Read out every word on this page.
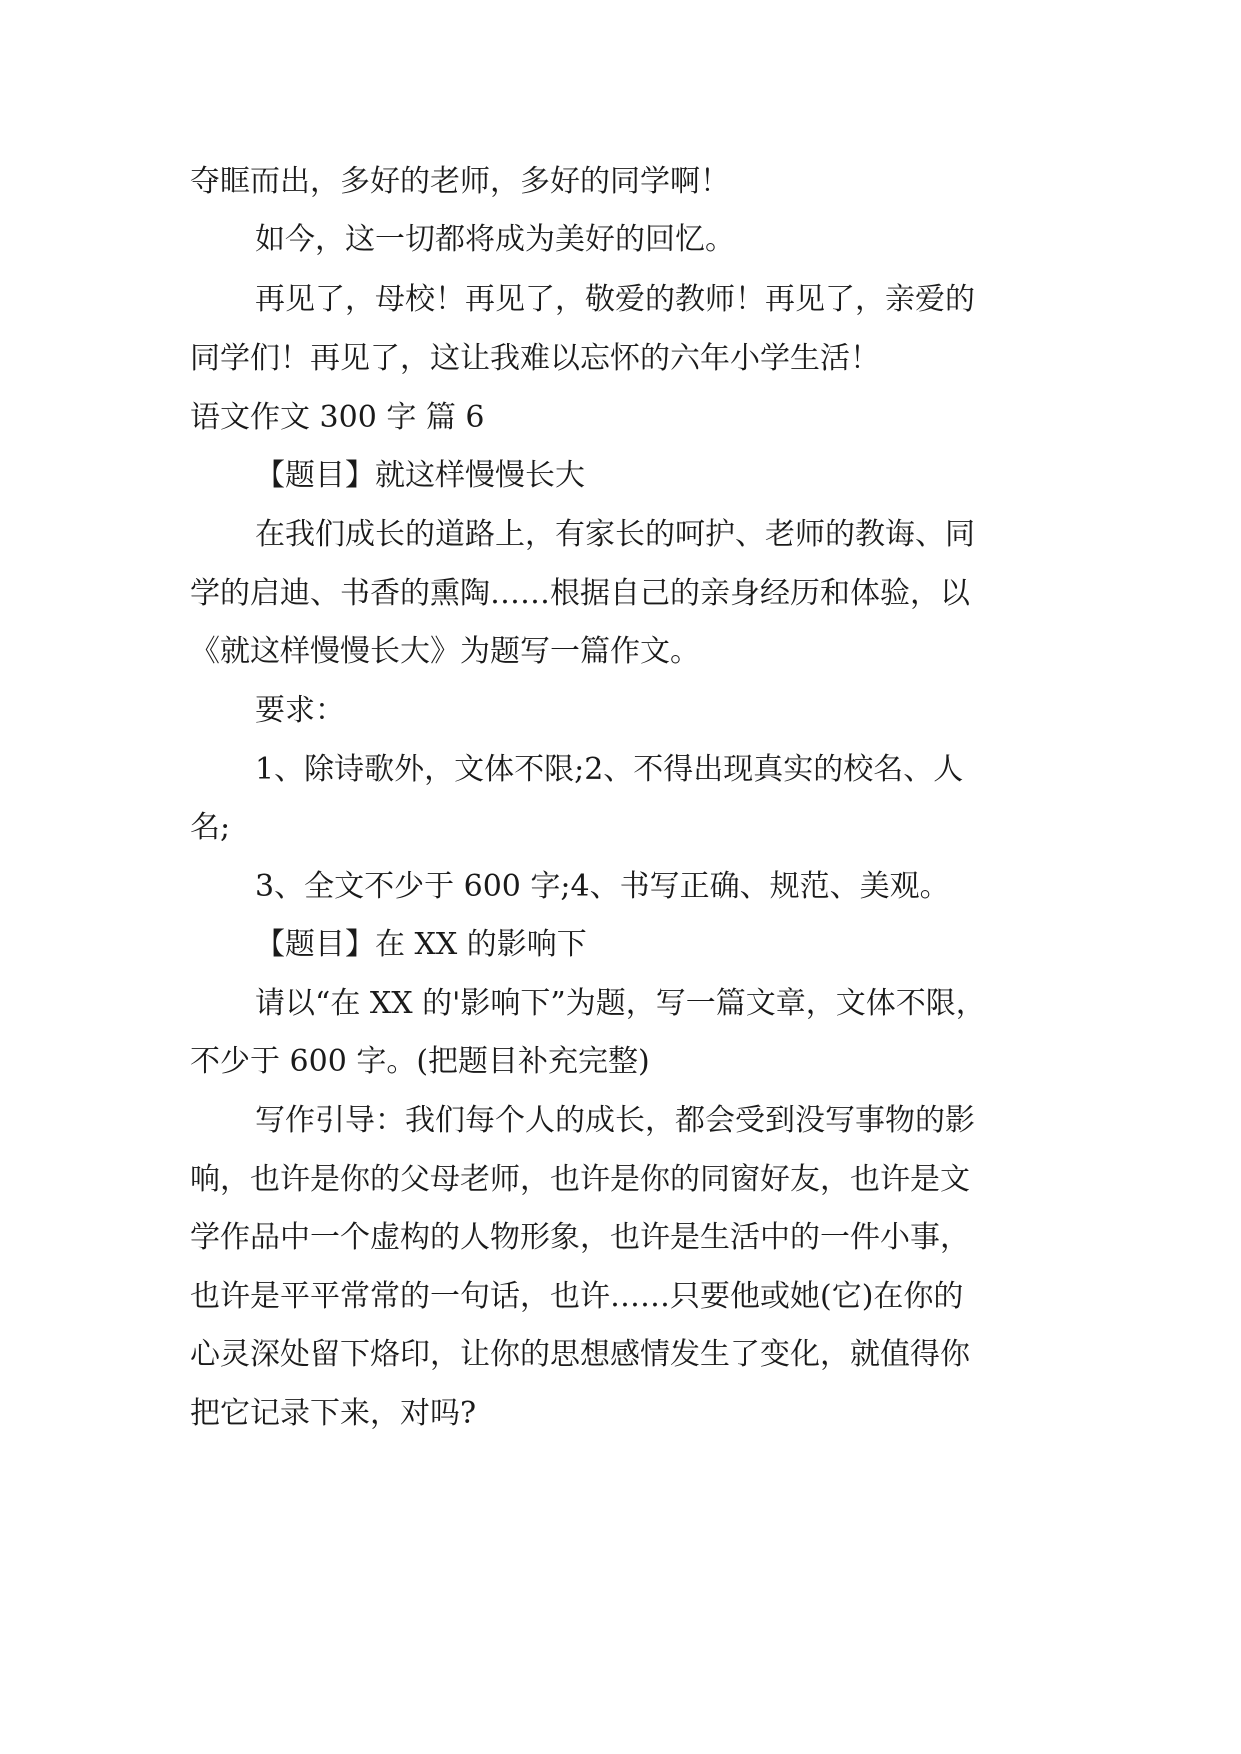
夺眶而出，多好的老师，多好的同学啊！
如今，这一切都将成为美好的回忆。
再见了，母校！再见了，敬爱的教师！再见了，亲爱的
同学们！再见了，这让我难以忘怀的六年小学生活！
语文作文 300 字 篇 6
【题目】就这样慢慢长大
在我们成长的道路上，有家长的呵护、老师的教诲、同
学的启迪、书香的熏陶……根据自己的亲身经历和体验，以
《就这样慢慢长大》为题写一篇作文。
要求：
1、除诗歌外，文体不限;2、不得出现真实的校名、人
名;
3、全文不少于 600 字;4、书写正确、规范、美观。
【题目】在 XX 的影响下
请以“在 XX 的'影响下”为题，写一篇文章，文体不限，
不少于 600 字。(把题目补充完整)
写作引导：我们每个人的成长，都会受到没写事物的影
响，也许是你的父母老师，也许是你的同窗好友，也许是文
学作品中一个虚构的人物形象，也许是生活中的一件小事，
也许是平平常常的一句话，也许……只要他或她(它)在你的
心灵深处留下烙印，让你的思想感情发生了变化，就值得你
把它记录下来，对吗?
